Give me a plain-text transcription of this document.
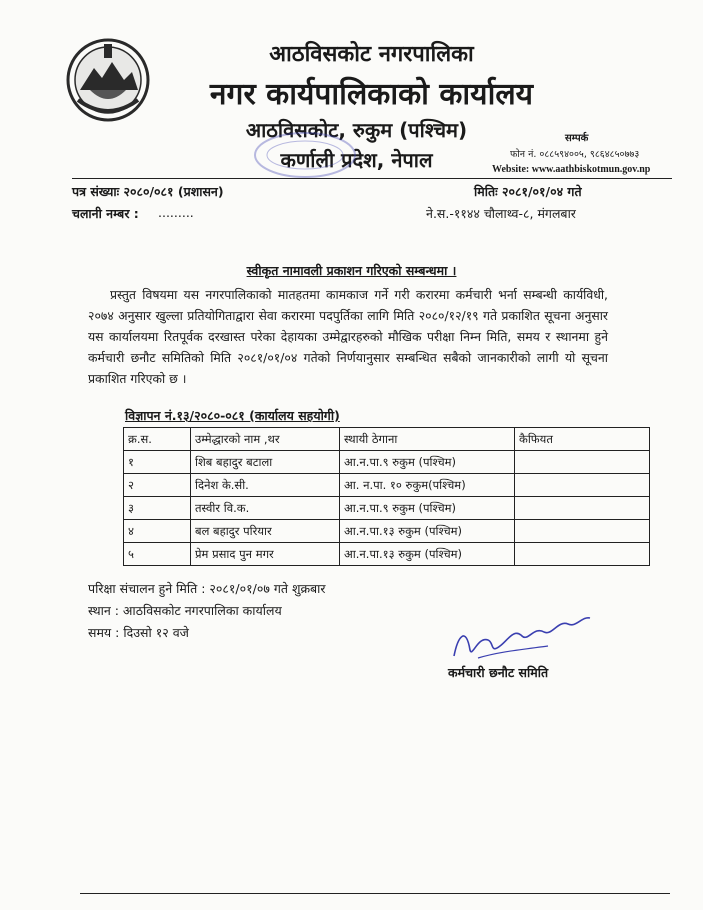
आठविसकोट नगरपालिका
नगर कार्यपालिकाको कार्यालय
आठविसकोट, रुकुम (पश्चिम)
कर्णाली प्रदेश, नेपाल
सम्पर्क
फोन नं. ०८८५९४००५, ९८६४८५०७७३
Website: www.aathbiskotmun.gov.np
पत्र संख्याः २०८०/०८१ (प्रशासन)	मितिः २०८१/०१/०४ गते
चलानी नम्बर : .........	ने.स.-११४४ चौलाथ्व-८, मंगलबार
स्वीकृत नामावली प्रकाशन गरिएको सम्बन्धमा ।
प्रस्तुत विषयमा यस नगरपालिकाको मातहतमा कामकाज गर्ने गरी करारमा कर्मचारी भर्ना सम्बन्धी कार्यविधी, २०७४ अनुसार खुल्ला प्रतियोगिताद्वारा सेवा करारमा पदपुर्तिका लागि मिति २०८०/१२/१९ गते प्रकाशित सूचना अनुसार यस कार्यालयमा रितपूर्वक दरखास्त परेका देहायका उम्मेद्वारहरुको मौखिक परीक्षा निम्न मिति, समय र स्थानमा हुने कर्मचारी छनौट समितिको मिति २०८१/०१/०४ गतेको निर्णयानुसार सम्बन्धित सबैको जानकारीको लागी यो सूचना प्रकाशित गरिएको छ ।
विज्ञापन नं.१३/२०८०-०८१ (कार्यालय सहयोगी)
क्र.स.	उम्मेद्धारको नाम ,थर	स्थायी ठेगाना	कैफियत
१	शिब बहादुर बटाला	आ.न.पा.९ रुकुम (पश्चिम)	
२	दिनेश के.सी.	आ. न.पा. १० रुकुम(पश्चिम)	
३	तस्वीर वि.क.	आ.न.पा.९ रुकुम (पश्चिम)	
४	बल बहादुर परियार	आ.न.पा.१३ रुकुम (पश्चिम)	
५	प्रेम प्रसाद पुन मगर	आ.न.पा.१३ रुकुम (पश्चिम)	
परिक्षा संचालन हुने मिति : २०८१/०१/०७ गते शुक्रबार
स्थान : आठविसकोट नगरपालिका कार्यालय
समय : दिउसो १२ वजे
कर्मचारी छनौट समिति
